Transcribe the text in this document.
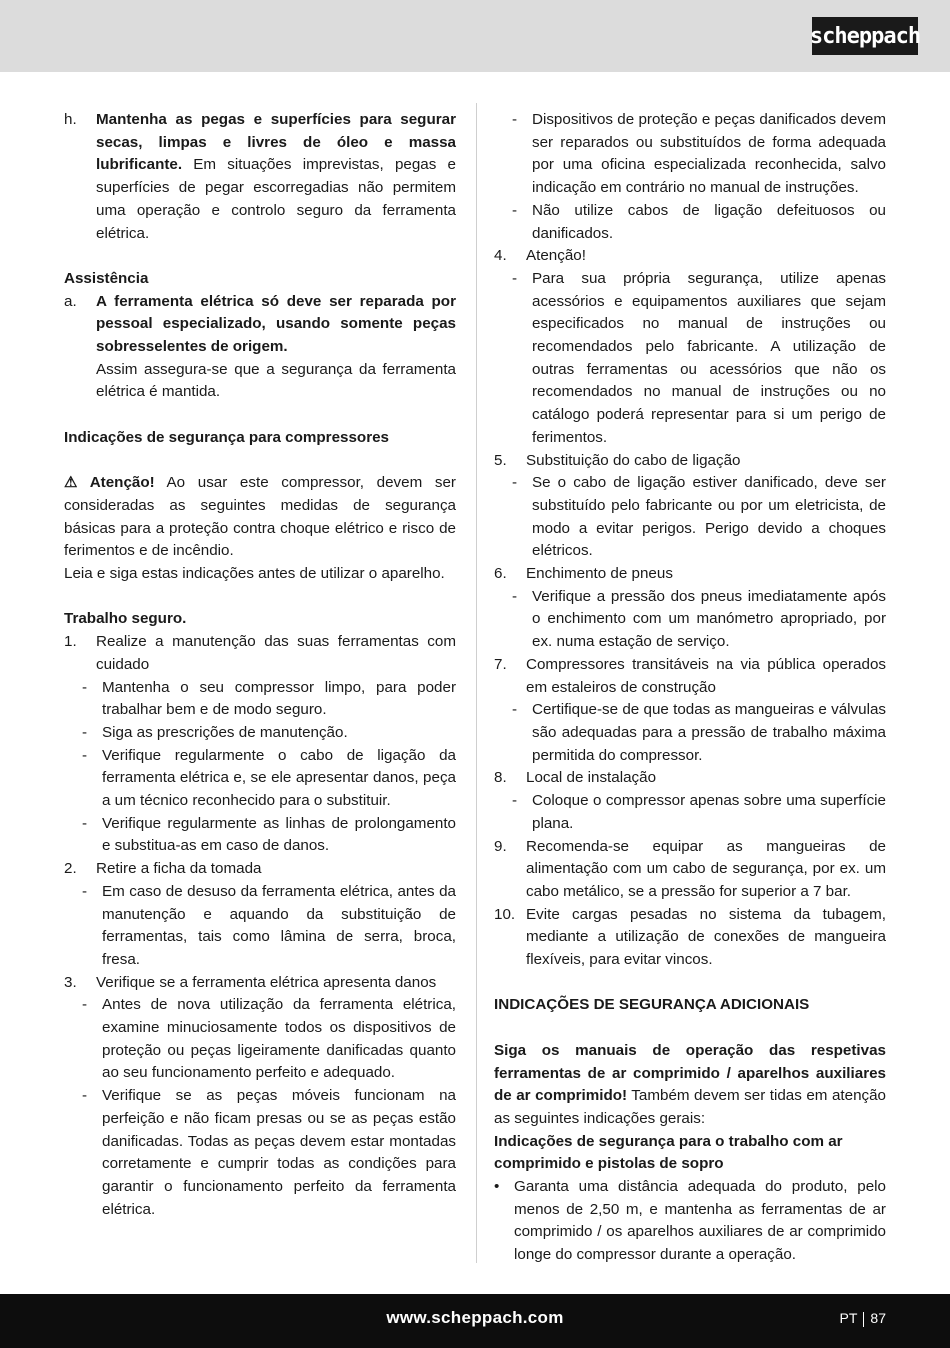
scheppach
h. Mantenha as pegas e superfícies para segurar secas, limpas e livres de óleo e massa lubrificante. Em situações imprevistas, pegas e superfícies de pegar escorregadias não permitem uma operação e controlo seguro da ferramenta elétrica.
Assistência
a. A ferramenta elétrica só deve ser reparada por pessoal especializado, usando somente peças sobresselentes de origem.
Assim assegura-se que a segurança da ferramenta elétrica é mantida.
Indicações de segurança para compressores
⚠ Atenção! Ao usar este compressor, devem ser consideradas as seguintes medidas de segurança básicas para a proteção contra choque elétrico e risco de ferimentos e de incêndio.
Leia e siga estas indicações antes de utilizar o aparelho.
Trabalho seguro.
1. Realize a manutenção das suas ferramentas com cuidado
- Mantenha o seu compressor limpo, para poder trabalhar bem e de modo seguro.
- Siga as prescrições de manutenção.
- Verifique regularmente o cabo de ligação da ferramenta elétrica e, se ele apresentar danos, peça a um técnico reconhecido para o substituir.
- Verifique regularmente as linhas de prolongamento e substitua-as em caso de danos.
2. Retire a ficha da tomada
- Em caso de desuso da ferramenta elétrica, antes da manutenção e aquando da substituição de ferramentas, tais como lâmina de serra, broca, fresa.
3. Verifique se a ferramenta elétrica apresenta danos
- Antes de nova utilização da ferramenta elétrica, examine minuciosamente todos os dispositivos de proteção ou peças ligeiramente danificadas quanto ao seu funcionamento perfeito e adequado.
- Verifique se as peças móveis funcionam na perfeição e não ficam presas ou se as peças estão danificadas. Todas as peças devem estar montadas corretamente e cumprir todas as condições para garantir o funcionamento perfeito da ferramenta elétrica.
- Dispositivos de proteção e peças danificados devem ser reparados ou substituídos de forma adequada por uma oficina especializada reconhecida, salvo indicação em contrário no manual de instruções.
- Não utilize cabos de ligação defeituosos ou danificados.
4. Atenção!
- Para sua própria segurança, utilize apenas acessórios e equipamentos auxiliares que sejam especificados no manual de instruções ou recomendados pelo fabricante. A utilização de outras ferramentas ou acessórios que não os recomendados no manual de instruções ou no catálogo poderá representar para si um perigo de ferimentos.
5. Substituição do cabo de ligação
- Se o cabo de ligação estiver danificado, deve ser substituído pelo fabricante ou por um eletricista, de modo a evitar perigos. Perigo devido a choques elétricos.
6. Enchimento de pneus
- Verifique a pressão dos pneus imediatamente após o enchimento com um manómetro apropriado, por ex. numa estação de serviço.
7. Compressores transitáveis na via pública operados em estaleiros de construção
- Certifique-se de que todas as mangueiras e válvulas são adequadas para a pressão de trabalho máxima permitida do compressor.
8. Local de instalação
- Coloque o compressor apenas sobre uma superfície plana.
9. Recomenda-se equipar as mangueiras de alimentação com um cabo de segurança, por ex. um cabo metálico, se a pressão for superior a 7 bar.
10. Evite cargas pesadas no sistema da tubagem, mediante a utilização de conexões de mangueira flexíveis, para evitar vincos.
INDICAÇÕES DE SEGURANÇA ADICIONAIS
Siga os manuais de operação das respetivas ferramentas de ar comprimido / aparelhos auxiliares de ar comprimido! Também devem ser tidas em atenção as seguintes indicações gerais:
Indicações de segurança para o trabalho com ar comprimido e pistolas de sopro
• Garanta uma distância adequada do produto, pelo menos de 2,50 m, e mantenha as ferramentas de ar comprimido / os aparelhos auxiliares de ar comprimido longe do compressor durante a operação.
www.scheppach.com	PT 87
